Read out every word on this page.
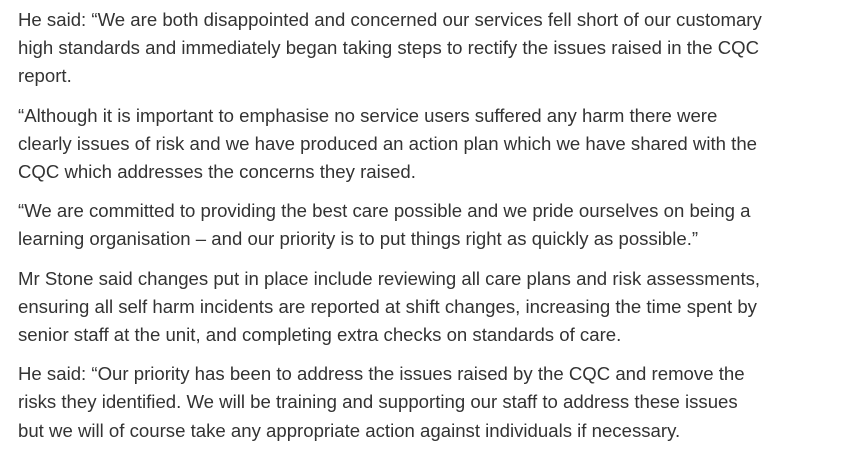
He said: “We are both disappointed and concerned our services fell short of our customary
high standards and immediately began taking steps to rectify the issues raised in the CQC
report.

“Although it is important to emphasise no service users suffered any harm there were
clearly issues of risk and we have produced an action plan which we have shared with the
CQC which addresses the concerns they raised.

“We are committed to providing the best care possible and we pride ourselves on being a
learning organisation – and our priority is to put things right as quickly as possible.”

Mr Stone said changes put in place include reviewing all care plans and risk assessments,
ensuring all self harm incidents are reported at shift changes, increasing the time spent by
senior staff at the unit, and completing extra checks on standards of care.

He said: “Our priority has been to address the issues raised by the CQC and remove the
risks they identified. We will be training and supporting our staff to address these issues
but we will of course take any appropriate action against individuals if necessary.
